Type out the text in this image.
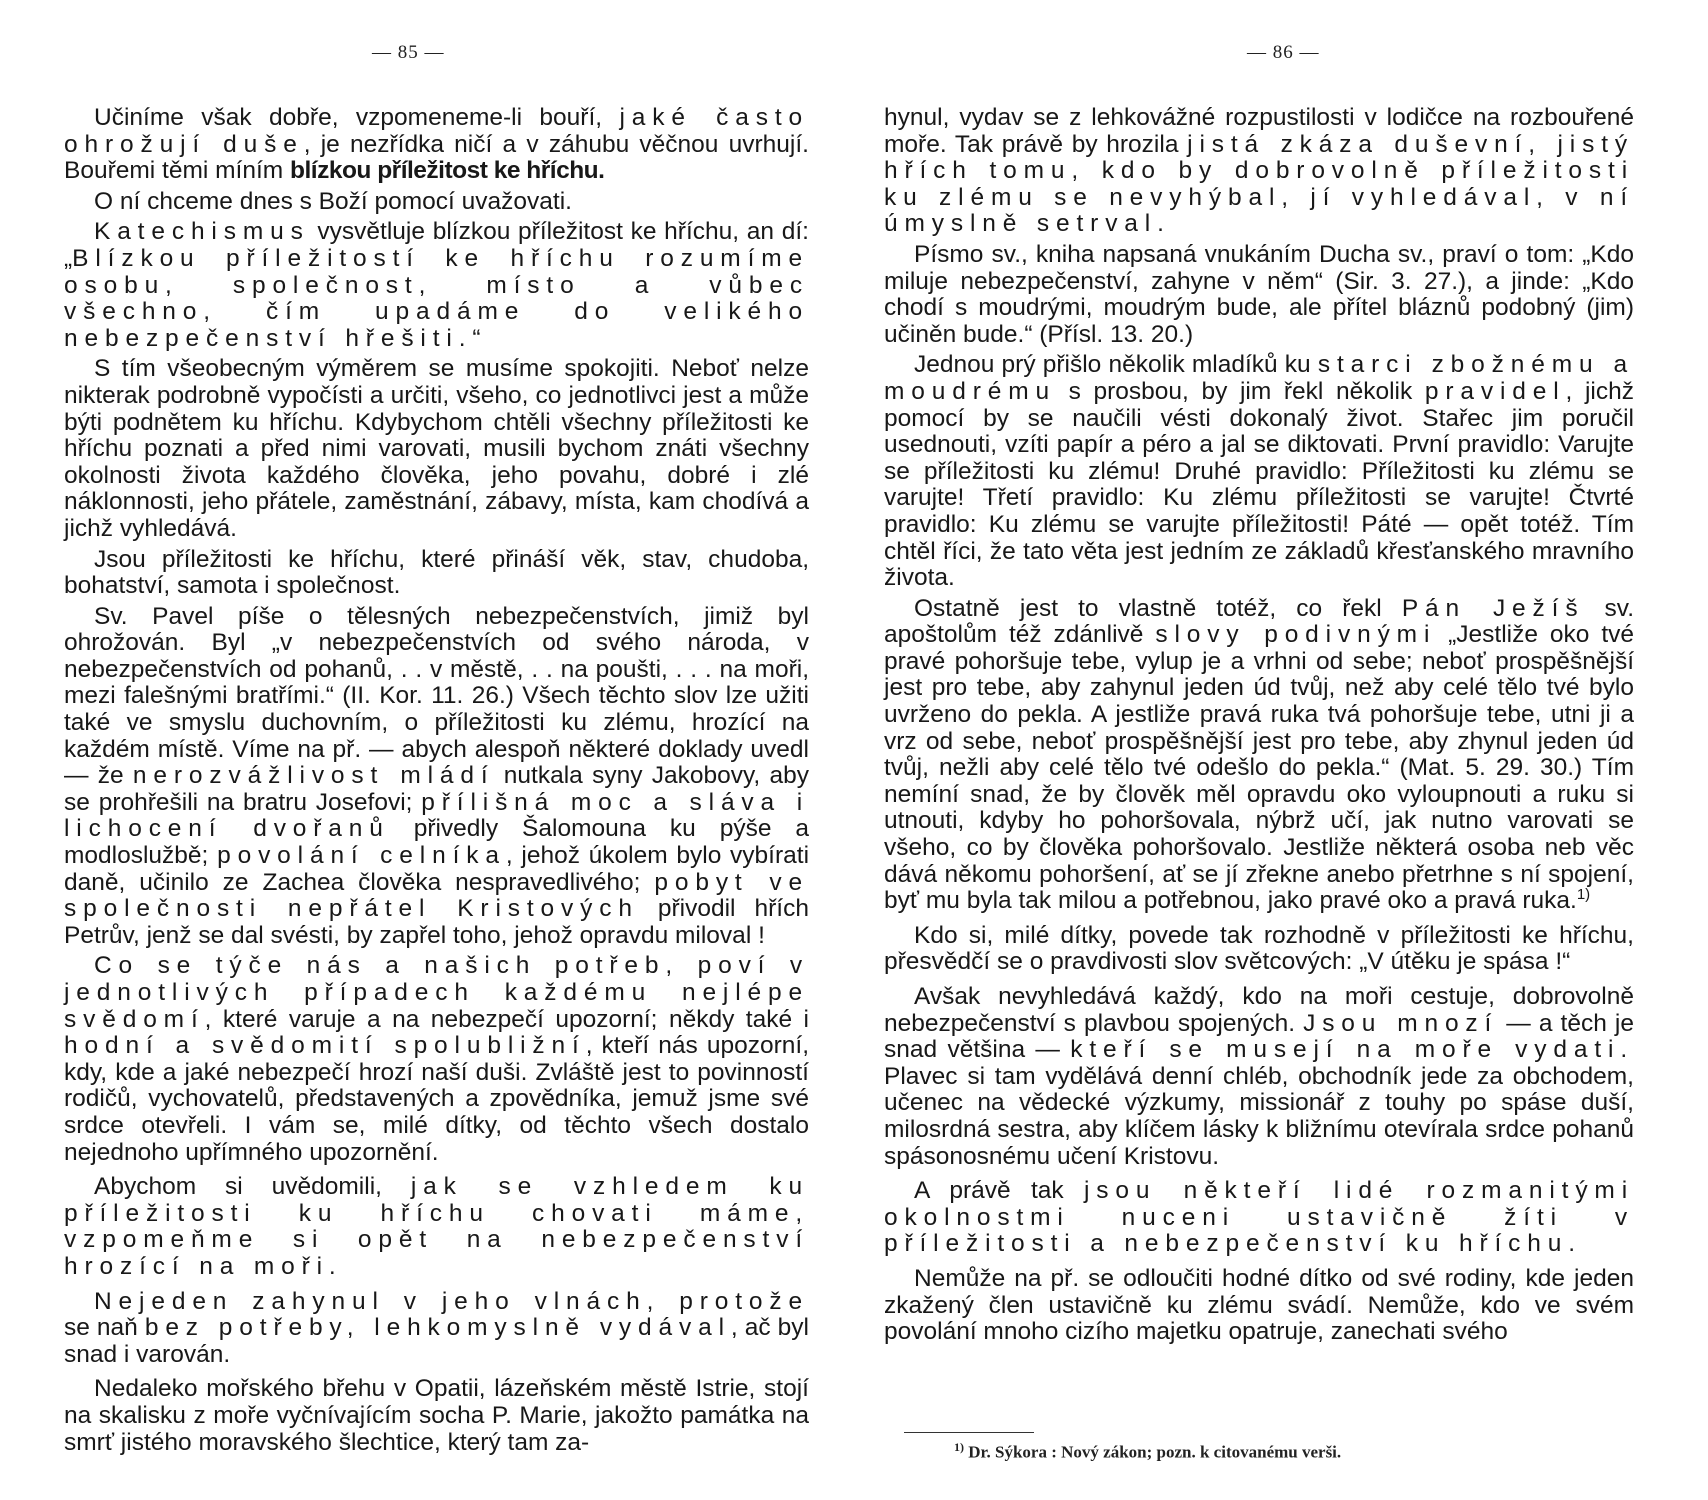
— 85 —

Učiníme však dobře, vzpomeneme-li bouří, jaké často ohrožují duše, je nezřídka ničí a v záhubu věčnou uvrhují. Bouřemi těmi míním blízkou příležitost ke hříchu.

O ní chceme dnes s Boží pomocí uvažovati.

Katechismus vysvětluje blízkou příležitost ke hříchu, an dí: „Blízkou příležitostí ke hříchu rozumíme osobu, společnost, místo a vůbec všechno, čím upadáme do velikého nebezpečenství hřešiti.“

S tím všeobecným výměrem se musíme spokojiti. Neboť nelze nikterak podrobně vypočísti a určiti, všeho, co jednotlivci jest a může býti podnětem ku hříchu. Kdybychom chtěli všechny příležitosti ke hříchu poznati a před nimi varovati, musili bychom znáti všechny okolnosti života každého člověka, jeho povahu, dobré i zlé náklonnosti, jeho přátele, zaměstnání, zábavy, místa, kam chodívá a jichž vyhledává.

Jsou příležitosti ke hříchu, které přináší věk, stav, chudoba, bohatství, samota i společnost.

Sv. Pavel píše o tělesných nebezpečenstvích, jimiž byl ohrožován. Byl „v nebezpečenstvích od svého národa, v nebezpečenstvích od pohanů, . . v městě, . . na poušti, . . . na moři, mezi falešnými bratřími.“ (II. Kor. 11. 26.) Všech těchto slov lze užiti také ve smyslu duchovním, o příležitosti ku zlému, hrozící na každém místě. Víme na př. — abych alespoň některé doklady uvedl — že nerozvážlivost mládí nutkala syny Jakobovy, aby se prohřešili na bratru Josefovi; přílišná moc a sláva i lichocení dvořanů přivedly Šalomouna ku pýše a modloslužbě; povolání celníka, jehož úkolem bylo vybírati daně, učinilo ze Zachea člověka nespravedlivého; pobyt ve společnosti nepřátel Kristových přivodil hřích Petrův, jenž se dal svésti, by zapřel toho, jehož opravdu miloval !

Co se týče nás a našich potřeb, poví v jednotlivých případech každému nejlépe svědomí, které varuje a na nebezpečí upozorní; někdy také i hodní a svědomití spolubližní, kteří nás upozorní, kdy, kde a jaké nebezpečí hrozí naší duši. Zvláště jest to povinností rodičů, vychovatelů, představených a zpovědníka, jemuž jsme své srdce otevřeli. I vám se, milé dítky, od těchto všech dostalo nejednoho upřímného upozornění.

Abychom si uvědomili, jak se vzhledem ku příležitosti ku hříchu chovati máme, vzpomeňme si opět na nebezpečenství hrozící na moři.

Nejeden zahynul v jeho vlnách, protože se naň bez potřeby, lehkomyslně vydával, ač byl snad i varován.

Nedaleko mořského břehu v Opatii, lázeňském městě Istrie, stojí na skalisku z moře vyčnívajícím socha P. Marie, jakožto památka na smrť jistého moravského šlechtice, který tam za-

— 86 —

hynul, vydav se z lehkovážné rozpustilosti v lodičce na rozbouřené moře. Tak právě by hrozila jistá zkáza duševní, jistý hřích tomu, kdo by dobrovolně příležitosti ku zlému se nevyhýbal, jí vyhledával, v ní úmyslně setrval.

Písmo sv., kniha napsaná vnukáním Ducha sv., praví o tom: „Kdo miluje nebezpečenství, zahyne v něm“ (Sir. 3. 27.), a jinde: „Kdo chodí s moudrými, moudrým bude, ale přítel bláznů podobný (jim) učiněn bude.“ (Přísl. 13. 20.)

Jednou prý přišlo několik mladíků ku starci zbožnému a moudrému s prosbou, by jim řekl několik pravidel, jichž pomocí by se naučili vésti dokonalý život. Stařec jim poručil usednouti, vzíti papír a péro a jal se diktovati. První pravidlo: Varujte se příležitosti ku zlému! Druhé pravidlo: Příležitosti ku zlému se varujte! Třetí pravidlo: Ku zlému příležitosti se varujte! Čtvrté pravidlo: Ku zlému se varujte příležitosti! Páté — opět totéž. Tím chtěl říci, že tato věta jest jedním ze základů křesťanského mravního života.

Ostatně jest to vlastně totéž, co řekl Pán Ježíš sv. apoštolům též zdánlivě slovy podivnými „Jestliže oko tvé pravé pohoršuje tebe, vylup je a vrhni od sebe; neboť prospěšnější jest pro tebe, aby zahynul jeden úd tvůj, než aby celé tělo tvé bylo uvrženo do pekla. A jestliže pravá ruka tvá pohoršuje tebe, utni ji a vrz od sebe, neboť prospěšnější jest pro tebe, aby zhynul jeden úd tvůj, nežli aby celé tělo tvé odešlo do pekla.“ (Mat. 5. 29. 30.) Tím nemíní snad, že by člověk měl opravdu oko vyloupnouti a ruku si utnouti, kdyby ho pohoršovala, nýbrž učí, jak nutno varovati se všeho, co by člověka pohoršovalo. Jestliže některá osoba neb věc dává někomu pohoršení, ať se jí zřekne anebo přetrhne s ní spojení, byť mu byla tak milou a potřebnou, jako pravé oko a pravá ruka.$^{1)}$

Kdo si, milé dítky, povede tak rozhodně v příležitosti ke hříchu, přesvědčí se o pravdivosti slov světcových: „V útěku je spása !“

Avšak nevyhledává každý, kdo na moři cestuje, dobrovolně nebezpečenství s plavbou spojených. Jsou mnozí — a těch je snad většina — kteří se musejí na moře vydati. Plavec si tam vydělává denní chléb, obchodník jede za obchodem, učenec na vědecké výzkumy, missionář z touhy po spáse duší, milosrdná sestra, aby klíčem lásky k bližnímu otevírala srdce pohanů spásonosnému učení Kristovu.

A právě tak jsou někteří lidé rozmanitými okolnostmi nuceni ustavičně žíti v příležitosti a nebezpečenství ku hříchu.

Nemůže na př. se odloučiti hodné dítko od své rodiny, kde jeden zkažený člen ustavičně ku zlému svádí. Nemůže, kdo ve svém povolání mnoho cizího majetku opatruje, zanechati svého

$^{1)}$ Dr. Sýkora : Nový zákon; pozn. k citovanému verši.
